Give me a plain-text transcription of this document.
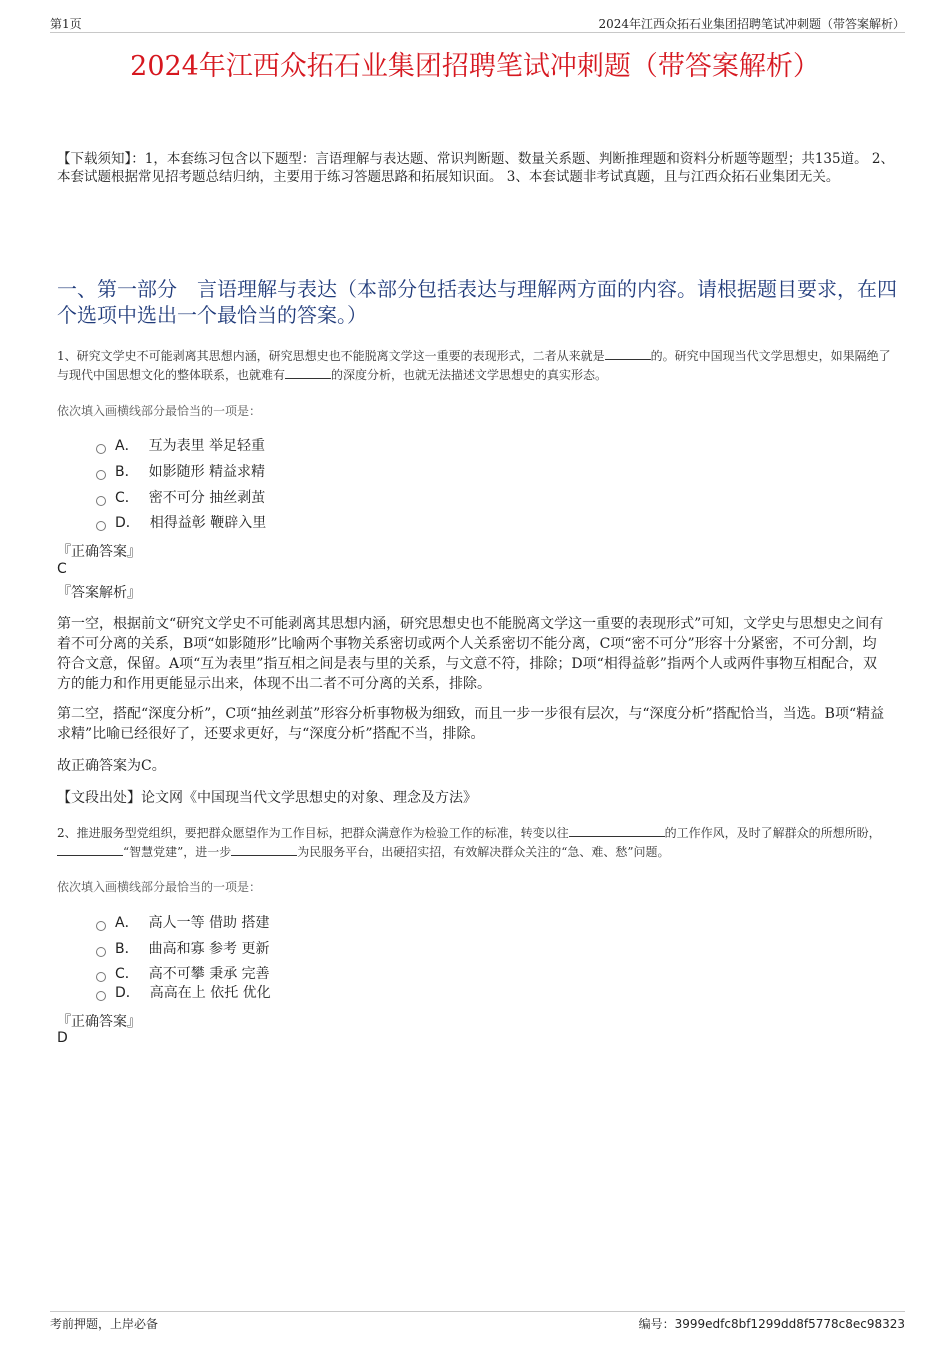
第1页	2024年江西众拓石业集团招聘笔试冲刺题（带答案解析）
2024年江西众拓石业集团招聘笔试冲刺题（带答案解析）
【下载须知】：1，本套练习包含以下题型：言语理解与表达题、常识判断题、数量关系题、判断推理题和资料分析题等题型；共135道。 2、本套试题根据常见招考题总结归纳，主要用于练习答题思路和拓展知识面。 3、本套试题非考试真题，且与江西众拓石业集团无关。
一、第一部分　言语理解与表达（本部分包括表达与理解两方面的内容。请根据题目要求，在四个选项中选出一个最恰当的答案。）
1、研究文学史不可能剥离其思想内涵，研究思想史也不能脱离文学这一重要的表现形式，二者从来就是	的。研究中国现当代文学思想史，如果隔绝了与现代中国思想文化的整体联系，也就难有	的深度分析，也就无法描述文学思想史的真实形态。
依次填入画横线部分最恰当的一项是：
A． 互为表里 举足轻重
B． 如影随形 精益求精
C． 密不可分 抽丝剥茧
D． 相得益彰 鞭辟入里
『正确答案』
C
『答案解析』
第一空，根据前文“研究文学史不可能剥离其思想内涵，研究思想史也不能脱离文学这一重要的表现形式”可知，文学史与思想史之间有着不可分离的关系，B项“如影随形”比喻两个事物关系密切或两个人关系密切不能分离，C项“密不可分”形容十分紧密，不可分割，均符合文意，保留。A项“互为表里”指互相之间是表与里的关系，与文意不符，排除；D项“相得益彰”指两个人或两件事物互相配合，双方的能力和作用更能显示出来，体现不出二者不可分离的关系，排除。
第二空，搭配“深度分析”，C项“抽丝剥茧”形容分析事物极为细致，而且一步一步很有层次，与“深度分析”搭配恰当，当选。B项“精益求精”比喻已经很好了，还要求更好，与“深度分析”搭配不当，排除。
故正确答案为C。
【文段出处】论文网《中国现当代文学思想史的对象、理念及方法》
2、推进服务型党组织，要把群众愿望作为工作目标，把群众满意作为检验工作的标准，转变以往	的工作作风，及时了解群众的所想所盼，“智慧党建”，进一步	为民服务平台，出硬招实招，有效解决群众关注的“急、难、愁”问题。
依次填入画横线部分最恰当的一项是：
A． 高人一等 借助 搭建
B． 曲高和寡 参考 更新
C． 高不可攀 秉承 完善
D． 高高在上 依托 优化
『正确答案』
D
考前押题，上岸必备	编号：3999edfc8bf1299dd8f5778c8ec98323
